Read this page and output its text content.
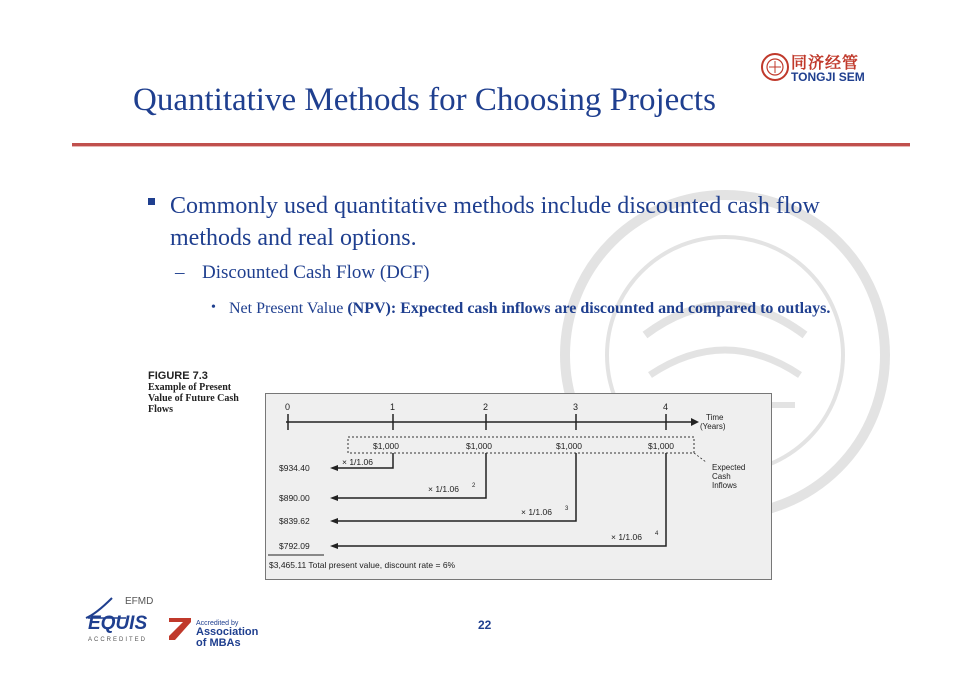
Quantitative Methods for Choosing Projects
同济经管
TONGJI SEM
Commonly used quantitative methods include discounted cash flow methods and real options.
– Discounted Cash Flow (DCF)
• Net Present Value (NPV): Expected cash inflows are discounted and compared to outlays.
FIGURE 7.3
Example of Present Value of Future Cash Flows	0	1	2	3	4
Time
(Years)
$1,000	$1,000	$1,000	$1,000
Expected
Cash
Inflows
× 1/1.06
× 1/1.06 2
× 1/1.06 3
× 1/1.06 4
$934.40
$890.00
$839.62
$792.09
$3,465.11 Total present value, discount rate = 6%
EFMD
EQUIS
ACCREDITED
Accredited by
Association
of MBAs
22
